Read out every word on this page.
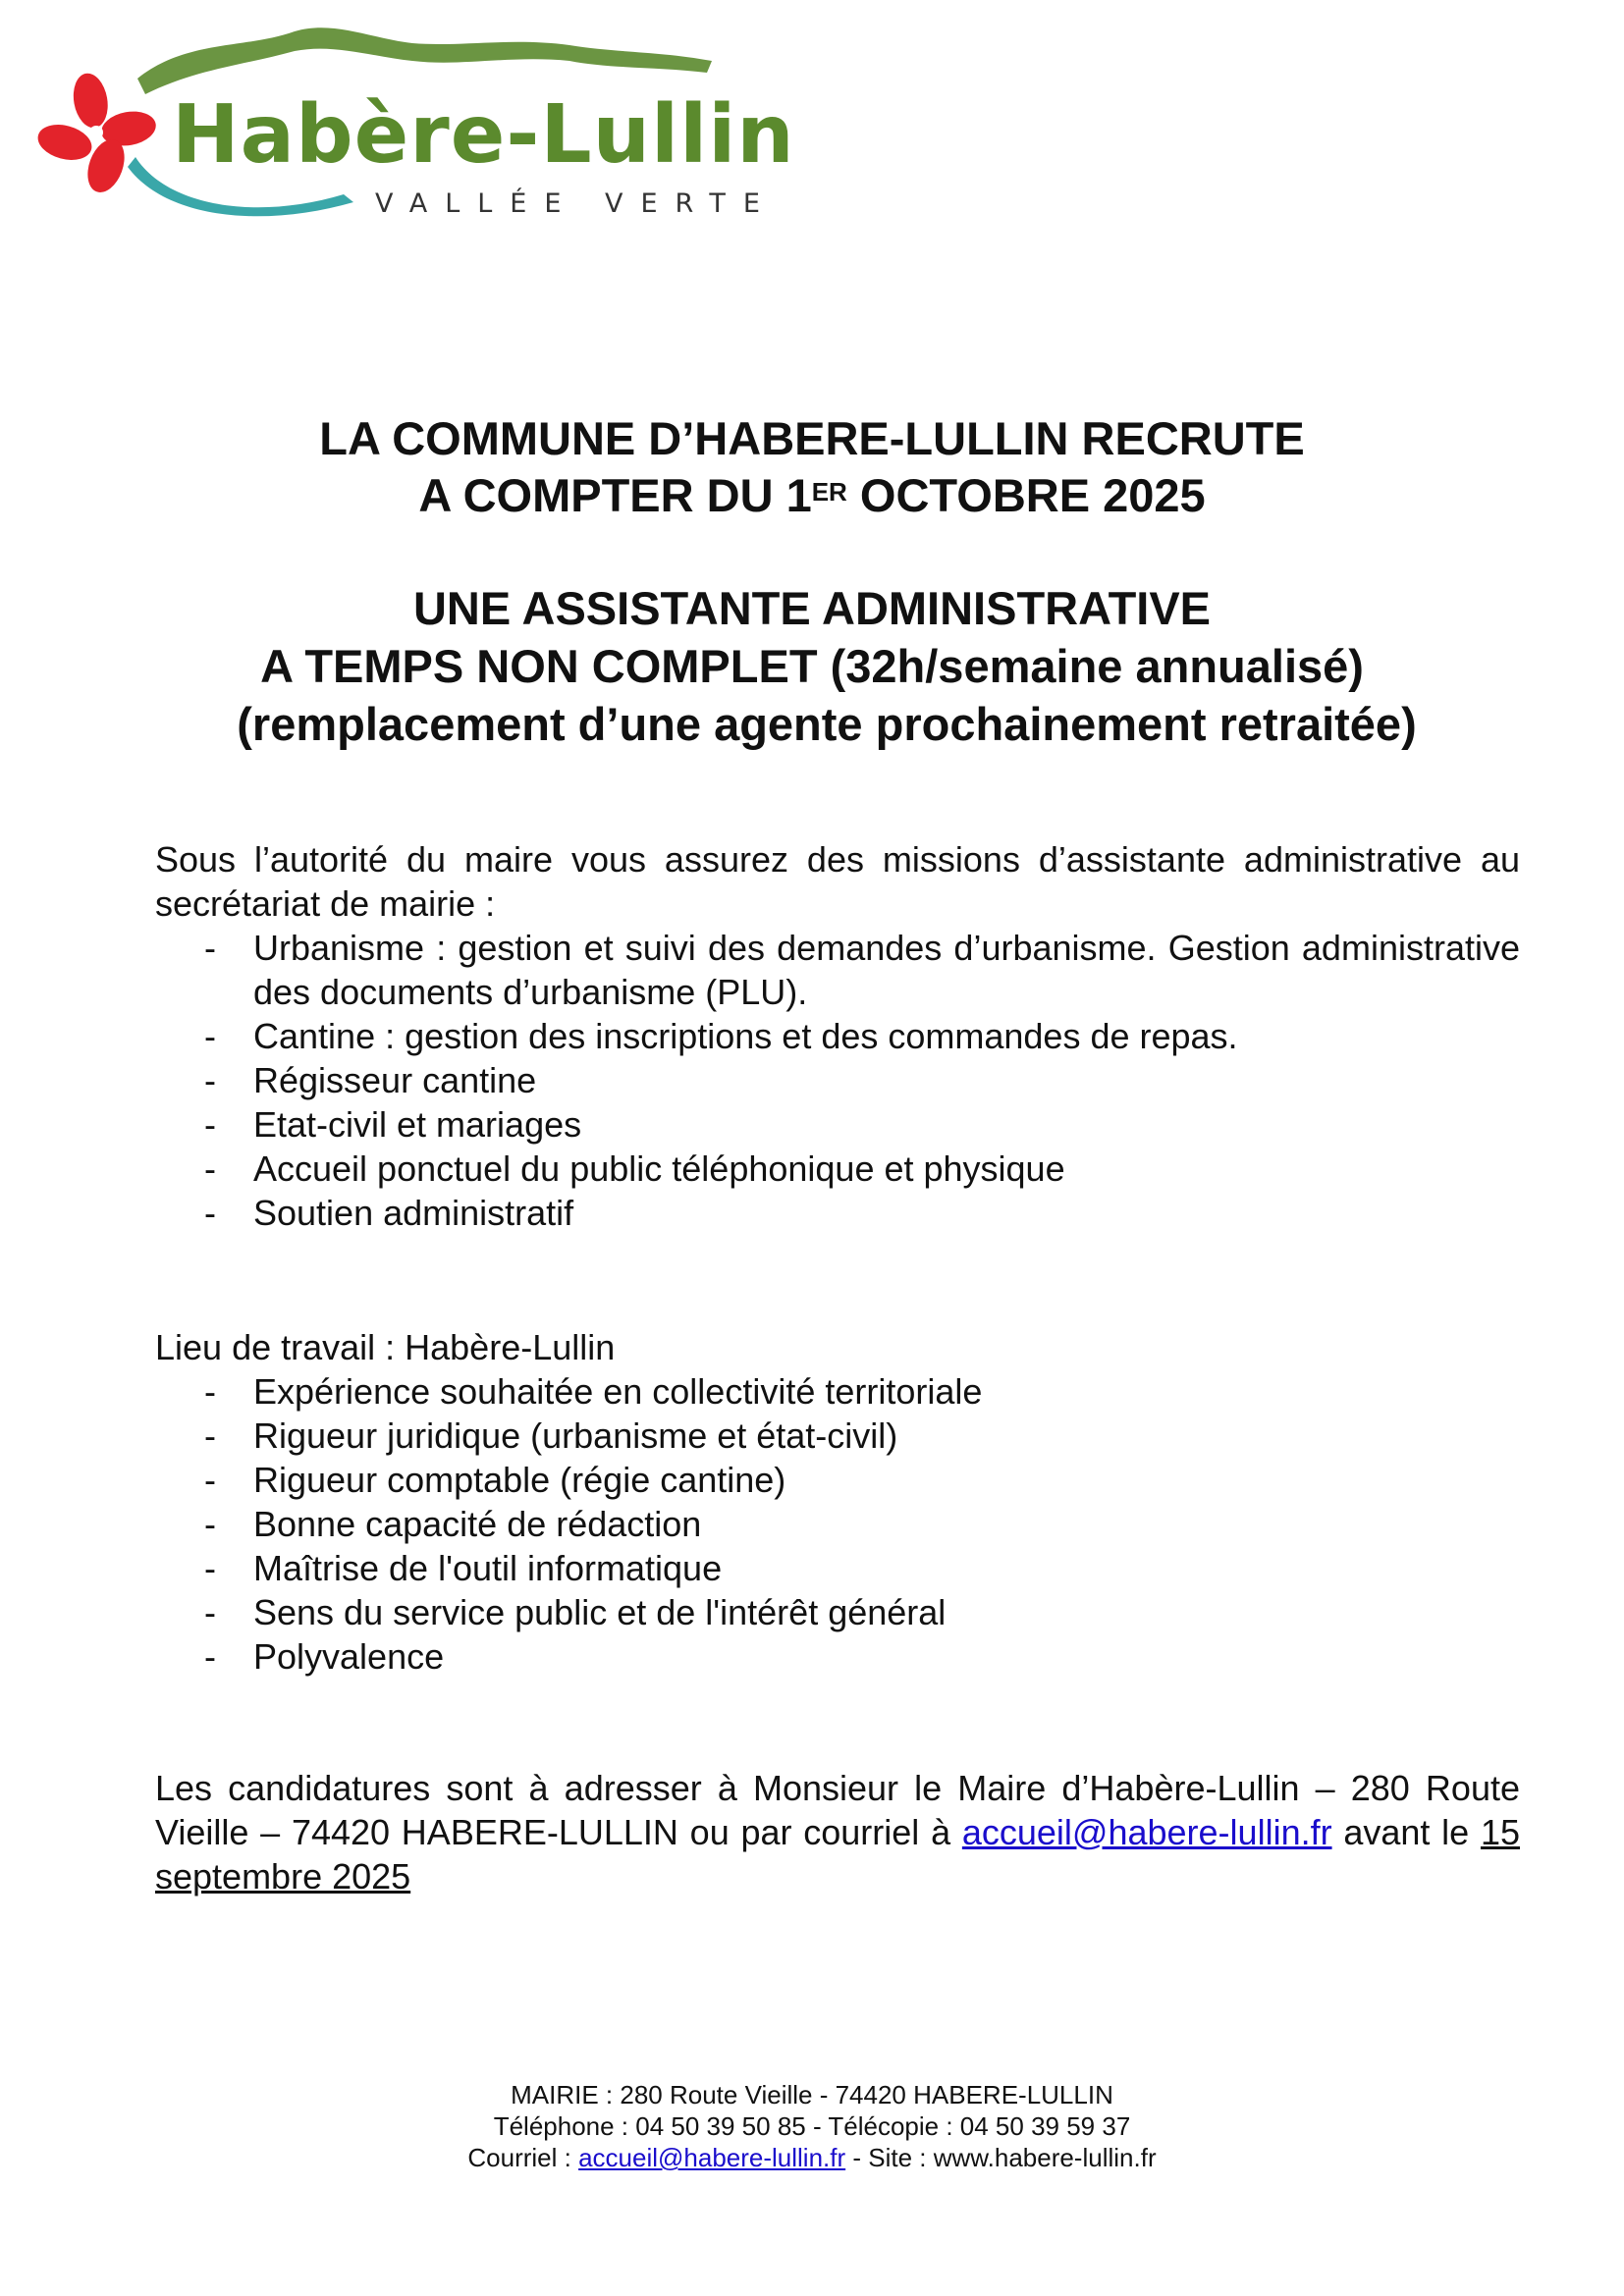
Habère-Lullin
VALLÉE VERTE
LA COMMUNE D’HABERE-LULLIN RECRUTE
A COMPTER DU 1ER OCTOBRE 2025
UNE ASSISTANTE ADMINISTRATIVE
A TEMPS NON COMPLET (32h/semaine annualisé)
(remplacement d’une agente prochainement retraitée)

Sous l’autorité du maire vous assurez des missions d’assistante administrative au secrétariat de mairie :

- Urbanisme : gestion et suivi des demandes d’urbanisme. Gestion administrative des documents d’urbanisme (PLU).
- Cantine : gestion des inscriptions et des commandes de repas.
- Régisseur cantine
- Etat-civil et mariages
- Accueil ponctuel du public téléphonique et physique
- Soutien administratif

Lieu de travail : Habère-Lullin

- Expérience souhaitée en collectivité territoriale
- Rigueur juridique (urbanisme et état-civil)
- Rigueur comptable (régie cantine)
- Bonne capacité de rédaction
- Maîtrise de l'outil informatique
- Sens du service public et de l'intérêt général
- Polyvalence

Les candidatures sont à adresser à Monsieur le Maire d’Habère-Lullin – 280 Route Vieille – 74420 HABERE-LULLIN ou par courriel à accueil@habere-lullin.fr avant le 15 septembre 2025

MAIRIE : 280 Route Vieille - 74420 HABERE-LULLIN
Téléphone : 04 50 39 50 85 - Télécopie : 04 50 39 59 37
Courriel : accueil@habere-lullin.fr - Site : www.habere-lullin.fr
